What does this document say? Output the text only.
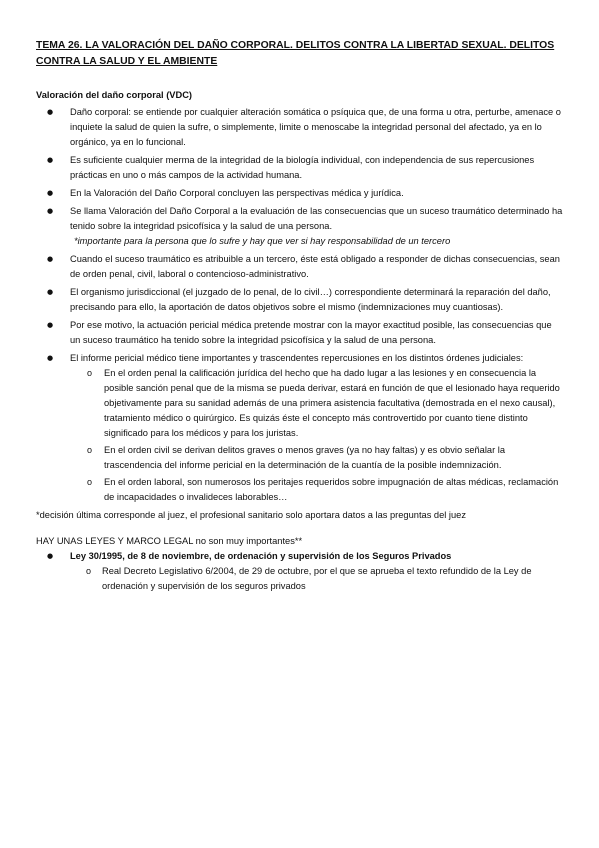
TEMA 26. LA VALORACIÓN DEL DAÑO CORPORAL. DELITOS CONTRA LA LIBERTAD SEXUAL. DELITOS CONTRA LA SALUD Y EL AMBIENTE
Valoración del daño corporal (VDC)
● Daño corporal: se entiende por cualquier alteración somática o psíquica que, de una forma u otra, perturbe, amenace o inquiete la salud de quien la sufre, o simplemente, limite o menoscabe la integridad personal del afectado, ya en lo orgánico, ya en lo funcional.
● Es suficiente cualquier merma de la integridad de la biología individual, con independencia de sus repercusiones prácticas en uno o más campos de la actividad humana.
● En la Valoración del Daño Corporal concluyen las perspectivas médica y jurídica.
● Se llama Valoración del Daño Corporal a la evaluación de las consecuencias que un suceso traumático determinado ha tenido sobre la integridad psicofísica y la salud de una persona.
*importante para la persona que lo sufre y hay que ver si hay responsabilidad de un tercero
● Cuando el suceso traumático es atribuible a un tercero, éste está obligado a responder de dichas consecuencias, sean de orden penal, civil, laboral o contencioso-administrativo.
● El organismo jurisdiccional (el juzgado de lo penal, de lo civil…) correspondiente determinará la reparación del daño, precisando para ello, la aportación de datos objetivos sobre el mismo (indemnizaciones muy cuantiosas).
● Por ese motivo, la actuación pericial médica pretende mostrar con la mayor exactitud posible, las consecuencias que un suceso traumático ha tenido sobre la integridad psicofísica y la salud de una persona.
● El informe pericial médico tiene importantes y trascendentes repercusiones en los distintos órdenes judiciales:
o En el orden penal la calificación jurídica del hecho que ha dado lugar a las lesiones y en consecuencia la posible sanción penal que de la misma se pueda derivar, estará en función de que el lesionado haya requerido objetivamente para su sanidad además de una primera asistencia facultativa (demostrada en el nexo causal), tratamiento médico o quirúrgico. Es quizás éste el concepto más controvertido por cuanto tiene distinto significado para los médicos y para los juristas.
o En el orden civil se derivan delitos graves o menos graves (ya no hay faltas) y es obvio señalar la trascendencia del informe pericial en la determinación de la cuantía de la posible indemnización.
o En el orden laboral, son numerosos los peritajes requeridos sobre impugnación de altas médicas, reclamación de incapacidades o invalideces laborables…

*decisión última corresponde al juez, el profesional sanitario solo aportara datos a las preguntas del juez

HAY UNAS LEYES Y MARCO LEGAL no son muy importantes**

● Ley 30/1995, de 8 de noviembre, de ordenación y supervisión de los Seguros Privados
o Real Decreto Legislativo 6/2004, de 29 de octubre, por el que se aprueba el texto refundido de la Ley de ordenación y supervisión de los seguros privados
